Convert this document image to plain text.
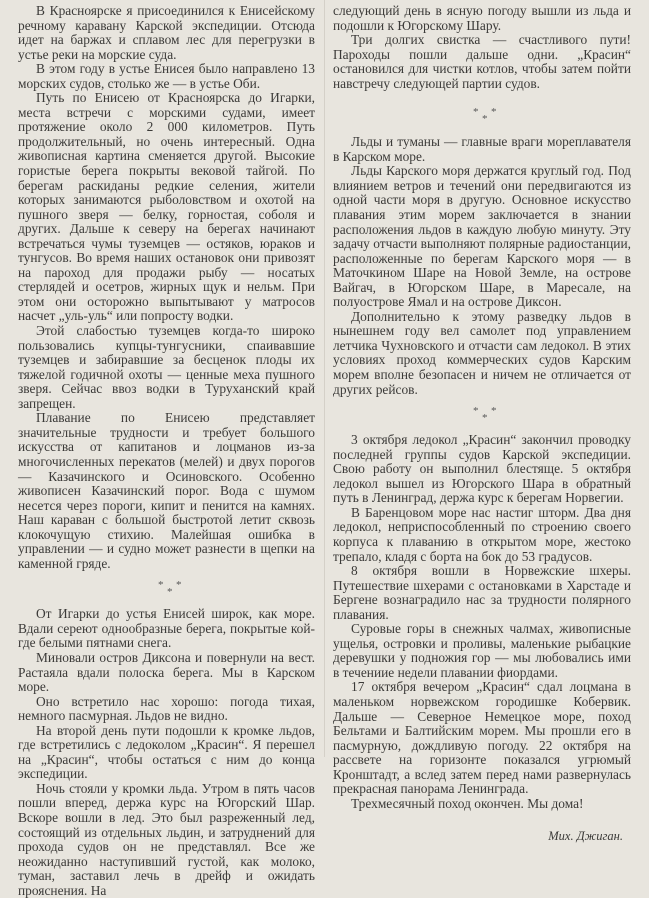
В Красноярске я присоединился к Енисейскому речному каравану Карской экспедиции. Отсюда идет на баржах и сплавом лес для перегрузки в устье реки на морские суда.

В этом году в устье Енисея было направлено 13 морских судов, столько же — в устье Оби.

Путь по Енисею от Красноярска до Игарки, места встречи с морскими судами, имеет протяжение около 2 000 километров. Путь продолжительный, но очень интересный. Одна живописная картина сменяется другой. Высокие гористые берега покрыты вековой тайгой. По берегам раскиданы редкие селения, жители которых занимаются рыболовством и охотой на пушного зверя — белку, горностая, соболя и других. Дальше к северу на берегах начинают встречаться чумы туземцев — остяков, юраков и тунгусов. Во время наших остановок они привозят на пароход для продажи рыбу — носатых стерлядей и осетров, жирных щук и нельм. При этом они осторожно выпытывают у матросов насчет „уль-уль“ или попросту водки.

Этой слабостью туземцев когда-то широко пользовались купцы-тунгусники, спаивавшие туземцев и забиравшие за бесценок плоды их тяжелой годичной охоты — ценные меха пушного зверя. Сейчас ввоз водки в Туруханский край запрещен.

Плавание по Енисею представляет значительные трудности и требует большого искусства от капитанов и лоцманов из-за многочисленных перекатов (мелей) и двух порогов — Казачинского и Осиновского. Особенно живописен Казачинский порог. Вода с шумом несется через пороги, кипит и пенится на камнях. Наш караван с большой быстротой летит сквозь клокочущую стихию. Малейшая ошибка в управлении — и судно может разнести в щепки на каменной гряде.

* *
*

От Игарки до устья Енисей широк, как море. Вдали сереют однообразные берега, покрытые кой-где белыми пятнами снега.

Миновали остров Диксона и повернули на вест. Растаяла вдали полоска берега. Мы в Карском море.

Оно встретило нас хорошо: погода тихая, немного пасмурная. Льдов не видно.

На второй день пути подошли к кромке льдов, где встретились с ледоколом „Красин“. Я перешел на „Красин“, чтобы остаться с ним до конца экспедиции.

Ночь стояли у кромки льда. Утром в пять часов пошли вперед, держа курс на Югорский Шар. Вскоре вошли в лед. Это был разреженный лед, состоящий из отдельных льдин, и затруднений для прохода судов он не представлял. Все же неожиданно наступивший густой, как молоко, туман, заставил лечь в дрейф и ожидать прояснения. На

следующий день в ясную погоду вышли из льда и подошли к Югорскому Шару.

Три долгих свистка — счастливого пути! Пароходы пошли дальше одни. „Красин“ остановился для чистки котлов, чтобы затем пойти навстречу следующей партии судов.

* *
*

Льды и туманы — главные враги мореплавателя в Карском море.

Льды Карского моря держатся круглый год. Под влиянием ветров и течений они передвигаются из одной части моря в другую. Основное искусство плавания этим морем заключается в знании расположения льдов в каждую любую минуту. Эту задачу отчасти выполняют полярные радиостанции, расположенные по берегам Карского моря — в Маточкином Шаре на Новой Земле, на острове Вайгач, в Югорском Шаре, в Маресале, на полуострове Ямал и на острове Диксон.

Дополнительно к этому разведку льдов в нынешнем году вел самолет под управлением летчика Чухновского и отчасти сам ледокол. В этих условиях проход коммерческих судов Карским морем вполне безопасен и ничем не отличается от других рейсов.

* *
*

3 октября ледокол „Красин“ закончил проводку последней группы судов Карской экспедиции. Свою работу он выполнил блестяще. 5 октября ледокол вышел из Югорского Шара в обратный путь в Ленинград, держа курс к берегам Норвегии.

В Баренцовом море нас настиг шторм. Два дня ледокол, неприспособленный по строению своего корпуса к плаванию в открытом море, жестоко трепало, кладя с борта на бок до 53 градусов.

8 октября вошли в Норвежские шхеры. Путешествие шхерами с остановками в Харстаде и Бергене вознаградило нас за трудности полярного плавания.

Суровые горы в снежных чалмах, живописные ущелья, островки и проливы, маленькие рыбацкие деревушки у подножия гор — мы любовались ими в течениие недели плавании фиордами.

17 октября вечером „Красин“ сдал лоцмана в маленьком норвежском городишке Кобервик. Дальше — Северное Немецкое море, поход Бельтами и Балтийским морем. Мы прошли его в пасмурную, дождливую погоду. 22 октября на рассвете на горизонте показался угрюмый Кронштадт, а вслед затем перед нами развернулась прекрасная панорама Ленинграда.

Трехмесячный поход окончен. Мы дома!

Мих. Джиган.
